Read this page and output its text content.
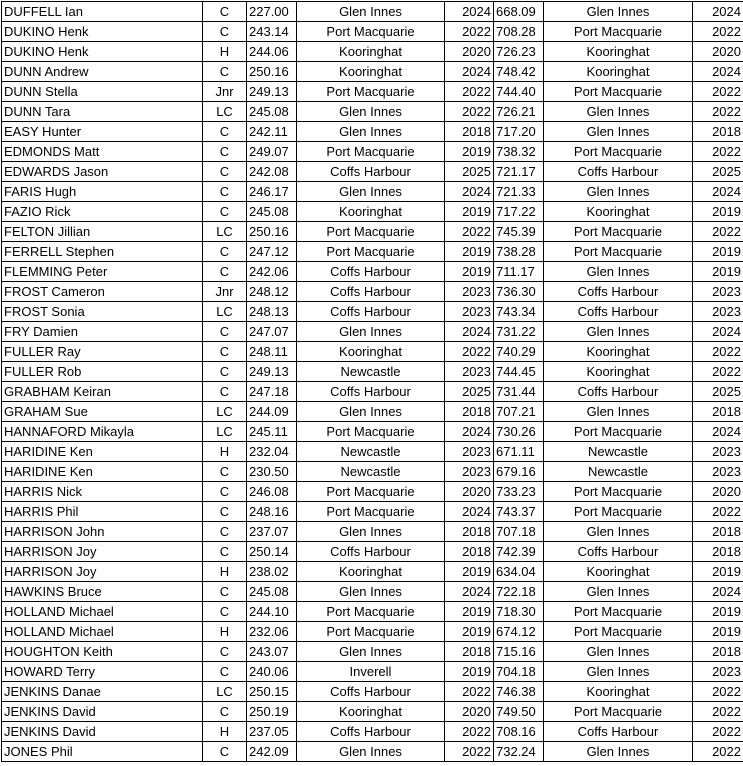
DUFFELL Ian	C	227.00	Glen Innes	2024	668.09	Glen Innes	2024
DUKINO Henk	C	243.14	Port Macquarie	2022	708.28	Port Macquarie	2022
DUKINO Henk	H	244.06	Kooringhat	2020	726.23	Kooringhat	2020
DUNN Andrew	C	250.16	Kooringhat	2024	748.42	Kooringhat	2024
DUNN Stella	Jnr	249.13	Port Macquarie	2022	744.40	Port Macquarie	2022
DUNN Tara	LC	245.08	Glen Innes	2022	726.21	Glen Innes	2022
EASY Hunter	C	242.11	Glen Innes	2018	717.20	Glen Innes	2018
EDMONDS Matt	C	249.07	Port Macquarie	2019	738.32	Port Macquarie	2022
EDWARDS Jason	C	242.08	Coffs Harbour	2025	721.17	Coffs Harbour	2025
FARIS Hugh	C	246.17	Glen Innes	2024	721.33	Glen Innes	2024
FAZIO Rick	C	245.08	Kooringhat	2019	717.22	Kooringhat	2019
FELTON Jillian	LC	250.16	Port Macquarie	2022	745.39	Port Macquarie	2022
FERRELL Stephen	C	247.12	Port Macquarie	2019	738.28	Port Macquarie	2019
FLEMMING Peter	C	242.06	Coffs Harbour	2019	711.17	Glen Innes	2019
FROST Cameron	Jnr	248.12	Coffs Harbour	2023	736.30	Coffs Harbour	2023
FROST Sonia	LC	248.13	Coffs Harbour	2023	743.34	Coffs Harbour	2023
FRY Damien	C	247.07	Glen Innes	2024	731.22	Glen Innes	2024
FULLER Ray	C	248.11	Kooringhat	2022	740.29	Kooringhat	2022
FULLER Rob	C	249.13	Newcastle	2023	744.45	Kooringhat	2022
GRABHAM Keiran	C	247.18	Coffs Harbour	2025	731.44	Coffs Harbour	2025
GRAHAM Sue	LC	244.09	Glen Innes	2018	707.21	Glen Innes	2018
HANNAFORD Mikayla	LC	245.11	Port Macquarie	2024	730.26	Port Macquarie	2024
HARIDINE Ken	H	232.04	Newcastle	2023	671.11	Newcastle	2023
HARIDINE Ken	C	230.50	Newcastle	2023	679.16	Newcastle	2023
HARRIS Nick	C	246.08	Port Macquarie	2020	733.23	Port Macquarie	2020
HARRIS Phil	C	248.16	Port Macquarie	2024	743.37	Port Macquarie	2022
HARRISON John	C	237.07	Glen Innes	2018	707.18	Glen Innes	2018
HARRISON Joy	C	250.14	Coffs Harbour	2018	742.39	Coffs Harbour	2018
HARRISON Joy	H	238.02	Kooringhat	2019	634.04	Kooringhat	2019
HAWKINS Bruce	C	245.08	Glen Innes	2024	722.18	Glen Innes	2024
HOLLAND Michael	C	244.10	Port Macquarie	2019	718.30	Port Macquarie	2019
HOLLAND Michael	H	232.06	Port Macquarie	2019	674.12	Port Macquarie	2019
HOUGHTON Keith	C	243.07	Glen Innes	2018	715.16	Glen Innes	2018
HOWARD Terry	C	240.06	Inverell	2019	704.18	Glen Innes	2023
JENKINS Danae	LC	250.15	Coffs Harbour	2022	746.38	Kooringhat	2022
JENKINS David	C	250.19	Kooringhat	2020	749.50	Port Macquarie	2022
JENKINS David	H	237.05	Coffs Harbour	2022	708.16	Coffs Harbour	2022
JONES Phil	C	242.09	Glen Innes	2022	732.24	Glen Innes	2022
